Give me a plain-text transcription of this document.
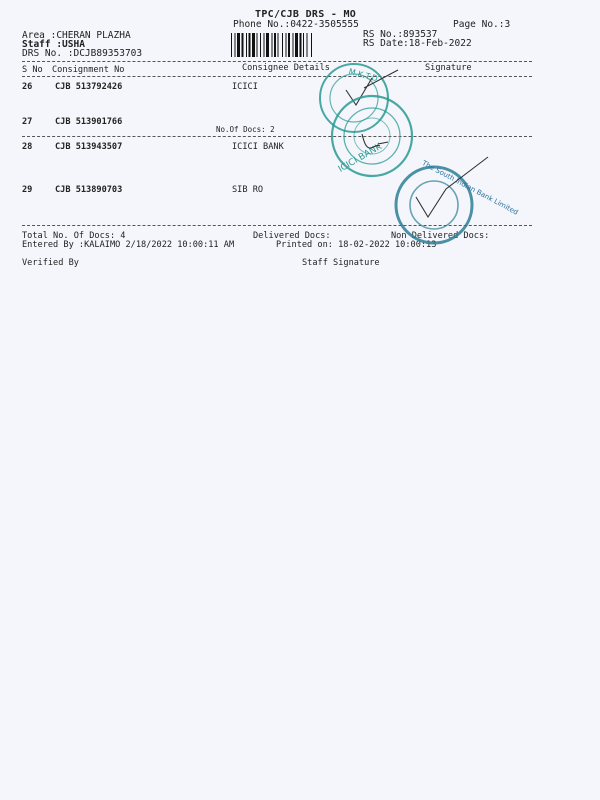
TPC/CJB DRS - MO
Phone No.:0422-3505555	Page No.:3
Area :CHERAN PLAZHA
Staff :USHA
DRS No. :DCJB89353703
RS No.:893537
RS Date:18-Feb-2022
S No Consignment No	Consignee Details	Signature
26	CJB 513792426	ICICI
27	CJB 513901766
No.Of Docs: 2
28	CJB 513943507	ICICI BANK
29	CJB 513890703	SIB RO
Total No. Of Docs: 4	Delivered Docs:	Non Delivered Docs:
Entered By :KALAIMO 2/18/2022 10:00:11 AM	Printed on: 18-02-2022 10:00:13
Verified By	Staff Signature
M.K.T.D
ICICI BANK
The South Indian Bank Limited
